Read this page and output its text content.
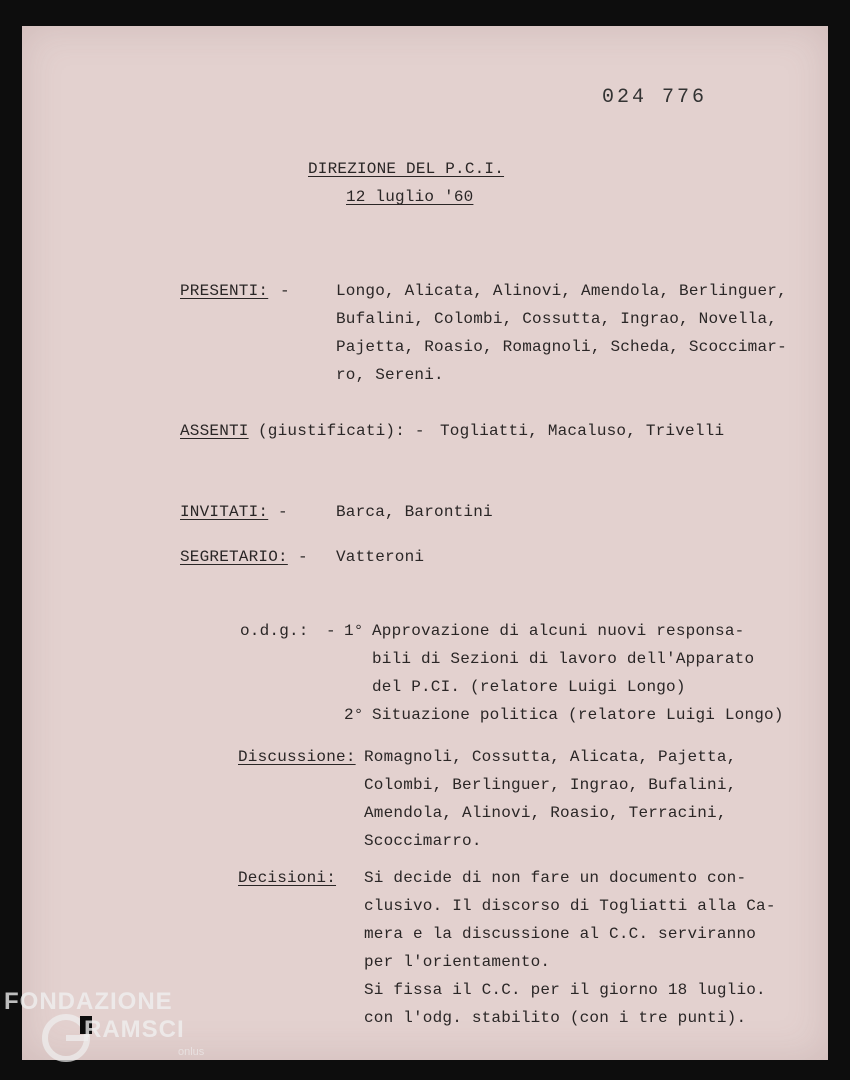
024 776
DIREZIONE DEL P.C.I.
12 luglio '60
PRESENTI: -	Longo, Alicata, Alinovi, Amendola, Berlinguer,
Bufalini, Colombi, Cossutta, Ingrao, Novella,
Pajetta, Roasio, Romagnoli, Scheda, Scoccimar-
ro, Sereni.
ASSENTI (giustificati): - Togliatti, Macaluso, Trivelli
INVITATI: -	Barca, Barontini
SEGRETARIO: - Vatteroni
o.d.g.: - 1° Approvazione di alcuni nuovi responsa-
bili di Sezioni di lavoro dell'Apparato
del P.CI. (relatore Luigi Longo)
2° Situazione politica (relatore Luigi Longo)
Discussione: Romagnoli, Cossutta, Alicata, Pajetta,
Colombi, Berlinguer, Ingrao, Bufalini,
Amendola, Alinovi, Roasio, Terracini,
Scoccimarro.
Decisioni: Si decide di non fare un documento con-
clusivo. Il discorso di Togliatti alla Ca-
mera e la discussione al C.C. serviranno
per l'orientamento.
Si fissa il C.C. per il giorno 18 luglio.
con l'odg. stabilito (con i tre punti).
FONDAZIONE
RAMSCI
onlus
